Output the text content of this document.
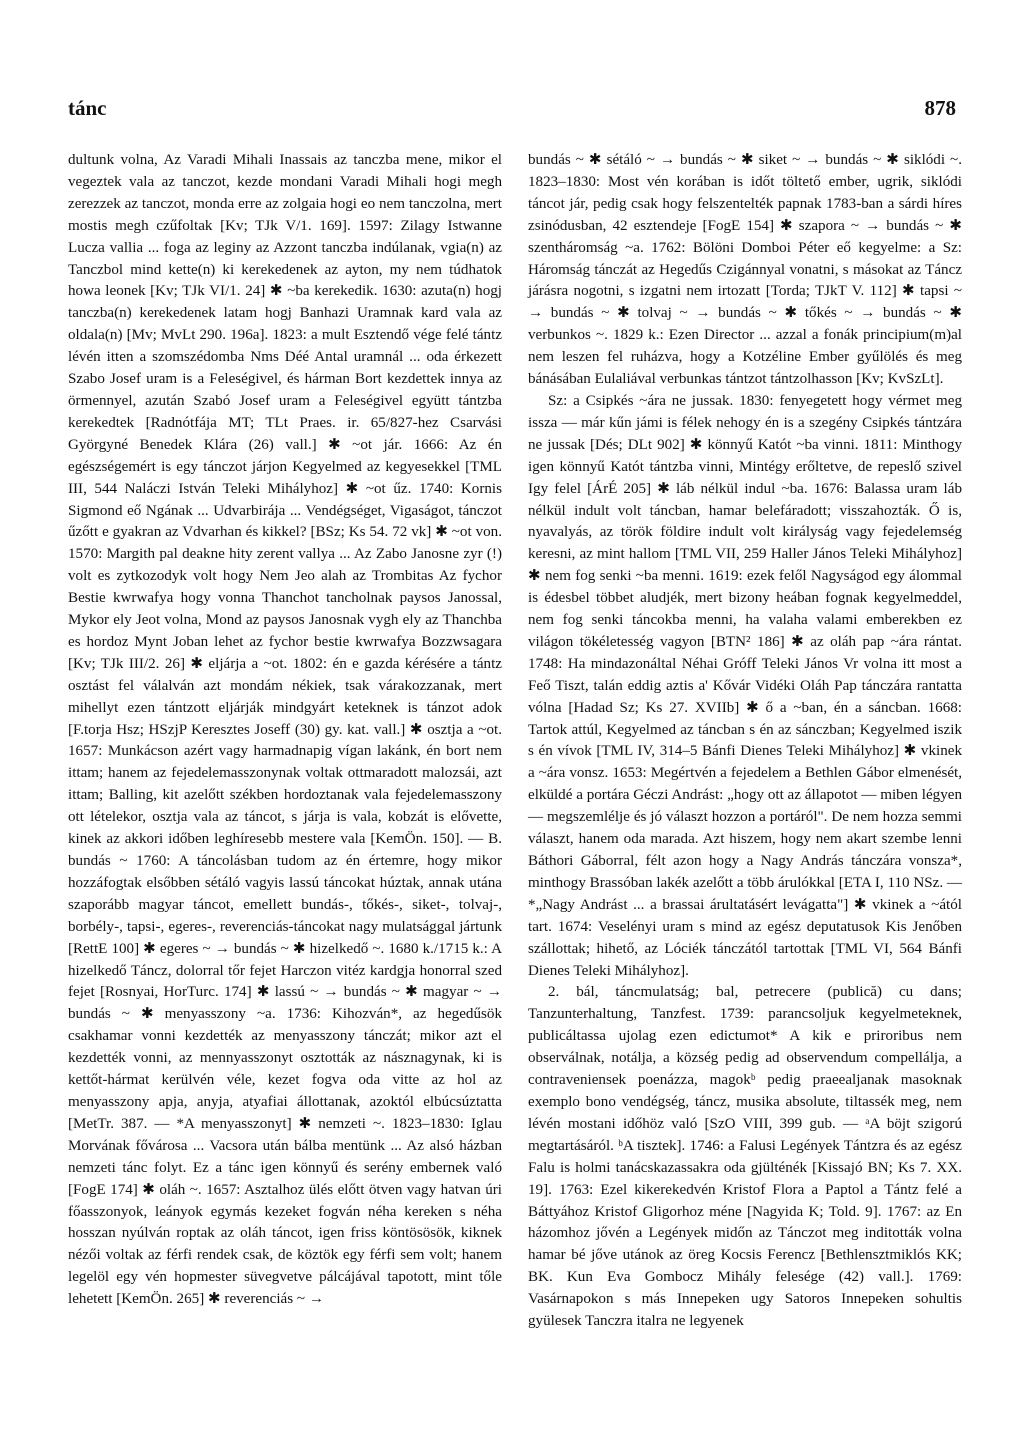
tánc	878

dultunk volna, Az Varadi Mihali Inassais az tanczba mene, mikor el vegeztek vala az tanczot, kezde mondani Varadi Mihali hogi megh zerezzek az tanczot, monda erre az zolgaia hogi eo nem tanczolna, mert mostis megh czűfoltak [Kv; TJk V/1. 169]. 1597: Zilagy Istwanne Lucza vallia ... foga az leginy az Azzont tanczba indúlanak, vgia(n) az Tanczbol mind kette(n) ki kerekedenek az ayton, my nem túdhatok howa leonek [Kv; TJk VI/1. 24] ✱ ~ba kerekedik. 1630: azuta(n) hogj tanczba(n) kerekedenek latam hogj Banhazi Uramnak kard vala az oldala(n) [Mv; MvLt 290. 196a]. 1823: a mult Esztendő vége felé tántz lévén itten a szomszédomba Nms Déé Antal uramnál ... oda érkezett Szabo Josef uram is a Feleségivel, és hárman Bort kezdettek innya az örmennyel, azután Szabó Josef uram a Feleségivel együtt tántzba kerekedtek [Radnótfája MT; TLt Praes. ir. 65/827-hez Csarvási Györgyné Benedek Klára (26) vall.] ✱ ~ot jár. 1666: Az én egészségemért is egy tánczot járjon Kegyelmed az kegyesekkel [TML III, 544 Naláczi István Teleki Mihályhoz] ✱ ~ot űz. 1740: Kornis Sigmond eő Ngának ... Udvarbirája ... Vendégséget, Vigaságot, tánczot űzőtt e gyakran az Vdvarhan és kikkel? [BSz; Ks 54. 72 vk] ✱ ~ot von. 1570: Margith pal deakne hity zerent vallya ... Az Zabo Janosne zyr (!) volt es zytkozodyk volt hogy Nem Jeo alah az Trombitas Az fychor Bestie kwrwafya hogy vonna Thanchot tancholnak paysos Janossal, Mykor ely Jeot volna, Mond az paysos Janosnak vygh ely az Thanchba es hordoz Mynt Joban lehet az fychor bestie kwrwafya Bozzwsagara [Kv; TJk III/2. 26] ✱ eljárja a ~ot. 1802: én e gazda kérésére a tántz osztást fel válalván azt mondám nékiek, tsak várakozzanak, mert mihellyt ezen tántzott eljárják mindgyárt keteknek is tánzot adok [F.torja Hsz; HSzjP Keresztes Joseff (30) gy. kat. vall.] ✱ osztja a ~ot. 1657: Munkácson azért vagy harmadnapig vígan lakánk, én bort nem ittam; hanem az fejedelemasszonynak voltak ottmaradott malozsái, azt ittam; Balling, kit azelőtt székben hordoztanak vala fejedelemasszony ott lételekor, osztja vala az táncot, s járja is vala, kobzát is elővette, kinek az akkori időben leghíresebb mestere vala [KemÖn. 150]. — B. bundás ~ 1760: A táncolásban tudom az én értemre, hogy mikor hozzáfogtak elsőbben sétáló vagyis lassú táncokat húztak, annak utána szaporább magyar táncot, emellett bundás-, tőkés-, siket-, tolvaj-, borbély-, tapsi-, egeres-, reverenciás-táncokat nagy mulatsággal jártunk [RettE 100] ✱ egeres ~ → bundás ~ ✱ hizelkedő ~. 1680 k./1715 k.: A hizelkedő Táncz, dolorral tőr fejet Harczon vitéz kardgja honorral szed fejet [Rosnyai, HorTurc. 174] ✱ lassú ~ → bundás ~ ✱ magyar ~ → bundás ~ ✱ menyasszony ~a. 1736: Kihozván*, az hegedűsök csakhamar vonni kezdették az menyasszony tánczát; mikor azt el kezdették vonni, az mennyasszonyt osztották az násznagynak, ki is kettőt-hármat kerülvén véle, kezet fogva oda vitte az hol az menyasszony apja, anyja, atyafiai állottanak, azoktól elbúcsúztatta [MetTr. 387. — *A menyasszonyt] ✱ nemzeti ~. 1823–1830: Iglau Morvának fővárosa ... Vacsora után bálba mentünk ... Az alsó házban nemzeti tánc folyt. Ez a tánc igen könnyű és serény embernek való [FogE 174] ✱ oláh ~. 1657: Asztalhoz ülés előtt ötven vagy hatvan úri főasszonyok, leányok egymás kezeket fogván néha kereken s néha hosszan nyúlván roptak az oláh táncot, igen friss köntösösök, kiknek nézői voltak az férfi rendek csak, de köztök egy férfi sem volt; hanem legelöl egy vén hopmester süvegvetve pálcájával tapotott, mint tőle lehetett [KemÖn. 265] ✱ reverenciás ~ →

bundás ~ ✱ sétáló ~ → bundás ~ ✱ siket ~ → bundás ~ ✱ siklódi ~. 1823–1830: Most vén korában is időt töltető ember, ugrik, siklódi táncot jár, pedig csak hogy felszentelték papnak 1783-ban a sárdi híres zsinódusban, 42 esztendeje [FogE 154] ✱ szapora ~ → bundás ~ ✱ szentháromság ~a. 1762: Bölöni Domboi Péter eő kegyelme: a Sz: Háromság tánczát az Hegedűs Czigánnyal vonatni, s másokat az Táncz járásra nogotni, s izgatni nem irtozatt [Torda; TJkT V. 112] ✱ tapsi ~ → bundás ~ ✱ tolvaj ~ → bundás ~ ✱ tőkés ~ → bundás ~ ✱ verbunkos ~. 1829 k.: Ezen Director ... azzal a fonák principium(m)al nem leszen fel ruházva, hogy a Kotzéline Ember gyűlölés és meg bánásában Eulaliával verbunkas tántzot tántzolhasson [Kv; KvSzLt].

Sz: a Csipkés ~ára ne jussak. 1830: fenyegetett hogy vérmet meg issza — már kűn jámi is félek nehogy én is a szegény Csipkés tántzára ne jussak [Dés; DLt 902] ✱ könnyű Katót ~ba vinni. 1811: Minthogy igen könnyű Katót tántzba vinni, Mintégy erőltetve, de repeslő szivel Igy felel [ÁrÉ 205] ✱ láb nélkül indul ~ba. 1676: Balassa uram láb nélkül indult volt táncban, hamar belefáradott; visszahozták. Ő is, nyavalyás, az török földire indult volt királyság vagy fejedelemség keresni, az mint hallom [TML VII, 259 Haller János Teleki Mihályhoz] ✱ nem fog senki ~ba menni. 1619: ezek felől Nagyságod egy álommal is édesbel többet aludjék, mert bizony heában fognak kegyelmeddel, nem fog senki táncokba menni, ha valaha valami emberekben ez világon tökéletesség vagyon [BTN² 186] ✱ az oláh pap ~ára rántat. 1748: Ha mindazonáltal Néhai Gróff Teleki János Vr volna itt most a Feő Tiszt, talán eddig aztis a' Kővár Vidéki Oláh Pap tánczára rantatta vólna [Hadad Sz; Ks 27. XVIIb] ✱ ő a ~ban, én a sáncban. 1668: Tartok attúl, Kegyelmed az táncban s én az sánczban; Kegyelmed iszik s én vívok [TML IV, 314–5 Bánfi Dienes Teleki Mihályhoz] ✱ vkinek a ~ára vonsz. 1653: Megértvén a fejedelem a Bethlen Gábor elmenését, elküldé a portára Géczi Andrást: „hogy ott az állapotot — miben légyen — megszemlélje és jó választ hozzon a portáról". De nem hozza semmi választ, hanem oda marada. Azt hiszem, hogy nem akart szembe lenni Báthori Gáborral, félt azon hogy a Nagy András tánczára vonsza*, minthogy Brassóban lakék azelőtt a több árulókkal [ETA I, 110 NSz. — *„Nagy Andrást ... a brassai árultatásért levágatta"] ✱ vkinek a ~ától tart. 1674: Veselényi uram s mind az egész deputatusok Kis Jenőben szállottak; hihető, az Lóciék tánczától tartottak [TML VI, 564 Bánfi Dienes Teleki Mihályhoz].

2. bál, táncmulatság; bal, petrecere (publică) cu dans; Tanzunterhaltung, Tanzfest. 1739: parancsoljuk kegyelmeteknek, publicáltassa ujolag ezen edictumot* A kik e priroribus nem observálnak, notálja, a község pedig ad observendum compellálja, a contraveniensek poenázza, magokᵇ pedig praeealjanak masoknak exemplo bono vendégség, táncz, musika absolute, tiltassék meg, nem lévén mostani időhöz való [SzO VIII, 399 gub. — ᵃA böjt szigorú megtartásáról. ᵇA tisztek]. 1746: a Falusi Legények Tántzra és az egész Falu is holmi tanácskazassakra oda gjülténék [Kissajó BN; Ks 7. XX. 19]. 1763: Ezel kikerekedvén Kristof Flora a Paptol a Tántz felé a Báttyához Kristof Gligorhoz méne [Nagyida K; Told. 9]. 1767: az En házomhoz jővén a Legények midőn az Tánczot meg inditották volna hamar bé jőve utánok az öreg Kocsis Ferencz [Bethlensztmiklós KK; BK. Kun Eva Gombocz Mihály felesége (42) vall.]. 1769: Vasárnapokon s más Innepeken ugy Satoros Innepeken sohultis gyülesek Tanczra italra ne legyenek
